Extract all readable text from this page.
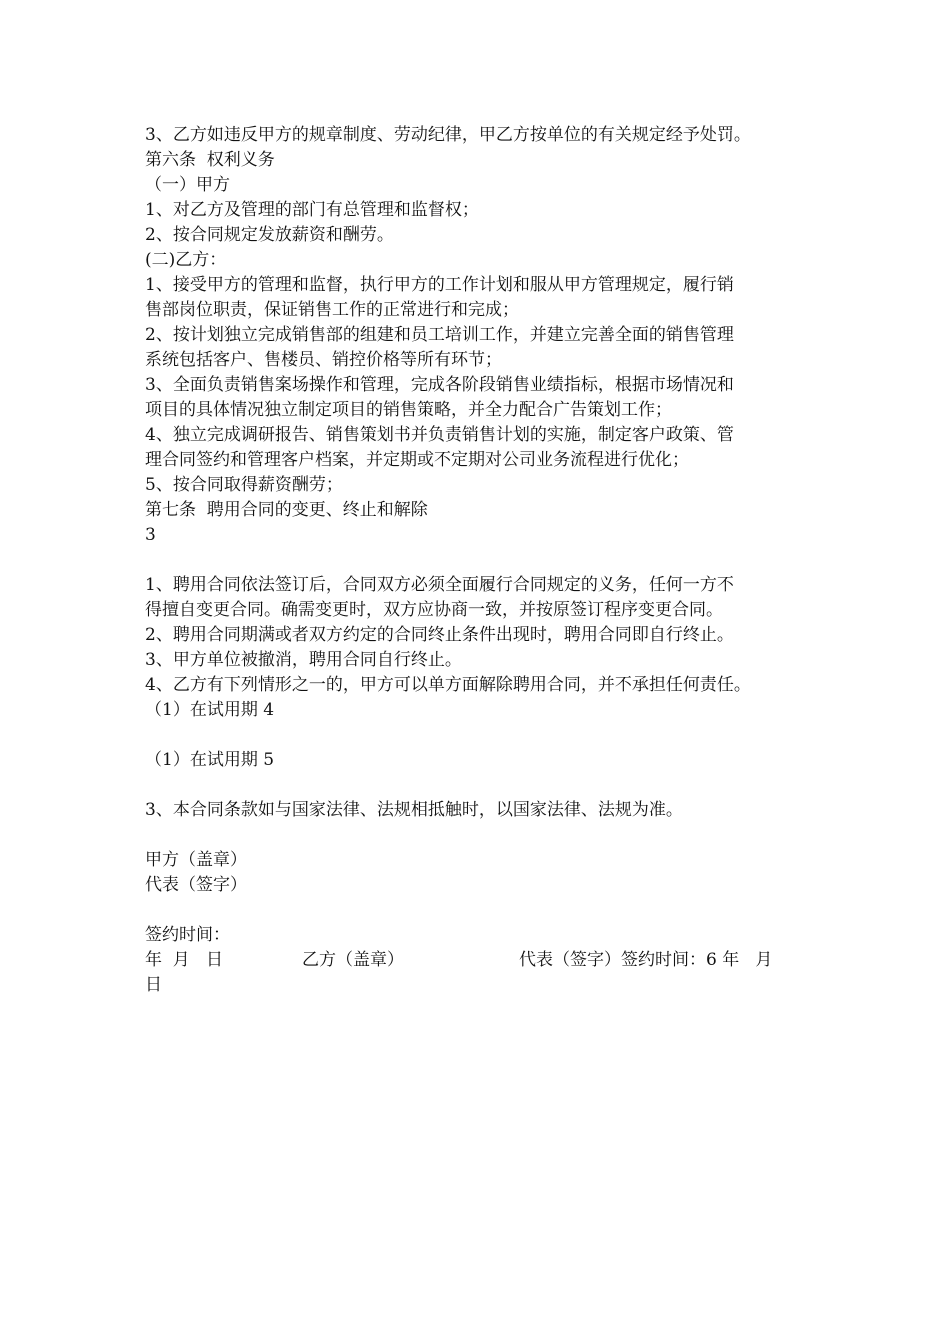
3、乙方如违反甲方的规章制度、劳动纪律，甲乙方按单位的有关规定经予处罚。
第六条  权利义务
（一）甲方
1、对乙方及管理的部门有总管理和监督权；
2、按合同规定发放薪资和酬劳。
(二)乙方：
1、接受甲方的管理和监督，执行甲方的工作计划和服从甲方管理规定，履行销
售部岗位职责，保证销售工作的正常进行和完成；
2、按计划独立完成销售部的组建和员工培训工作，并建立完善全面的销售管理
系统包括客户、售楼员、销控价格等所有环节；
3、全面负责销售案场操作和管理，完成各阶段销售业绩指标，根据市场情况和
项目的具体情况独立制定项目的销售策略，并全力配合广告策划工作；
4、独立完成调研报告、销售策划书并负责销售计划的实施，制定客户政策、管
理合同签约和管理客户档案，并定期或不定期对公司业务流程进行优化；
5、按合同取得薪资酬劳；
第七条  聘用合同的变更、终止和解除
3
1、聘用合同依法签订后，合同双方必须全面履行合同规定的义务，任何一方不
得擅自变更合同。确需变更时，双方应协商一致，并按原签订程序变更合同。
2、聘用合同期满或者双方约定的合同终止条件出现时，聘用合同即自行终止。
3、甲方单位被撤消，聘用合同自行终止。
4、乙方有下列情形之一的，甲方可以单方面解除聘用合同，并不承担任何责任。
（1）在试用期 4
（1）在试用期 5
3、本合同条款如与国家法律、法规相抵触时，以国家法律、法规为准。
甲方（盖章）
代表（签字）
签约时间：

年  月   日

	乙方（盖章）

	代表（签字）签约时间：6 年   月

日
